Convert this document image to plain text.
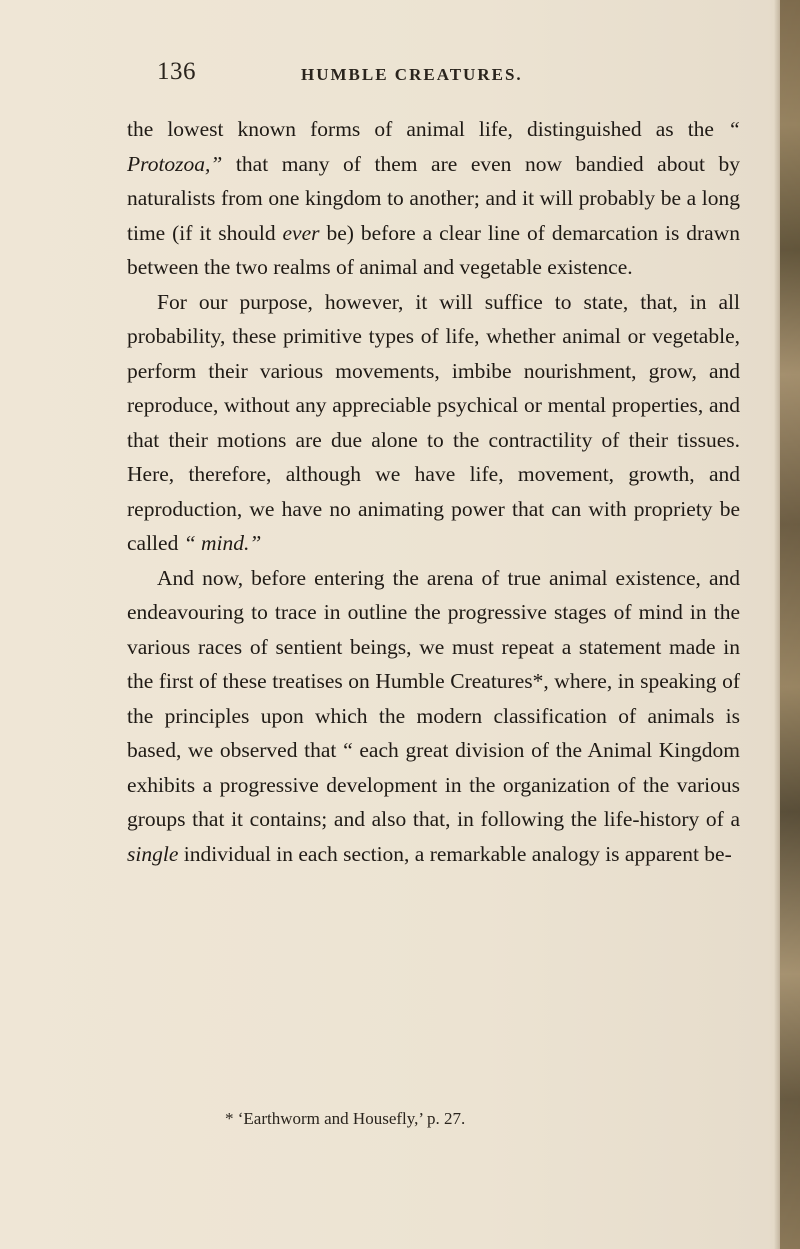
136	HUMBLE CREATURES.

the lowest known forms of animal life, distinguished as the “ Protozoa,” that many of them are even now bandied about by naturalists from one kingdom to another; and it will probably be a long time (if it should ever be) before a clear line of demarcation is drawn between the two realms of animal and vegetable existence.

For our purpose, however, it will suffice to state, that, in all probability, these primitive types of life, whether animal or vegetable, perform their various movements, imbibe nourishment, grow, and reproduce, without any appreciable psychical or mental properties, and that their motions are due alone to the contractility of their tissues. Here, therefore, although we have life, movement, growth, and reproduction, we have no animating power that can with propriety be called “ mind.”

And now, before entering the arena of true animal existence, and endeavouring to trace in outline the progressive stages of mind in the various races of sentient beings, we must repeat a statement made in the first of these treatises on Humble Creatures*, where, in speaking of the principles upon which the modern classification of animals is based, we observed that “ each great division of the Animal Kingdom exhibits a progressive development in the organization of the various groups that it contains; and also that, in following the life-history of a single individual in each section, a remarkable analogy is apparent be-

* ‘Earthworm and Housefly,’ p. 27.
